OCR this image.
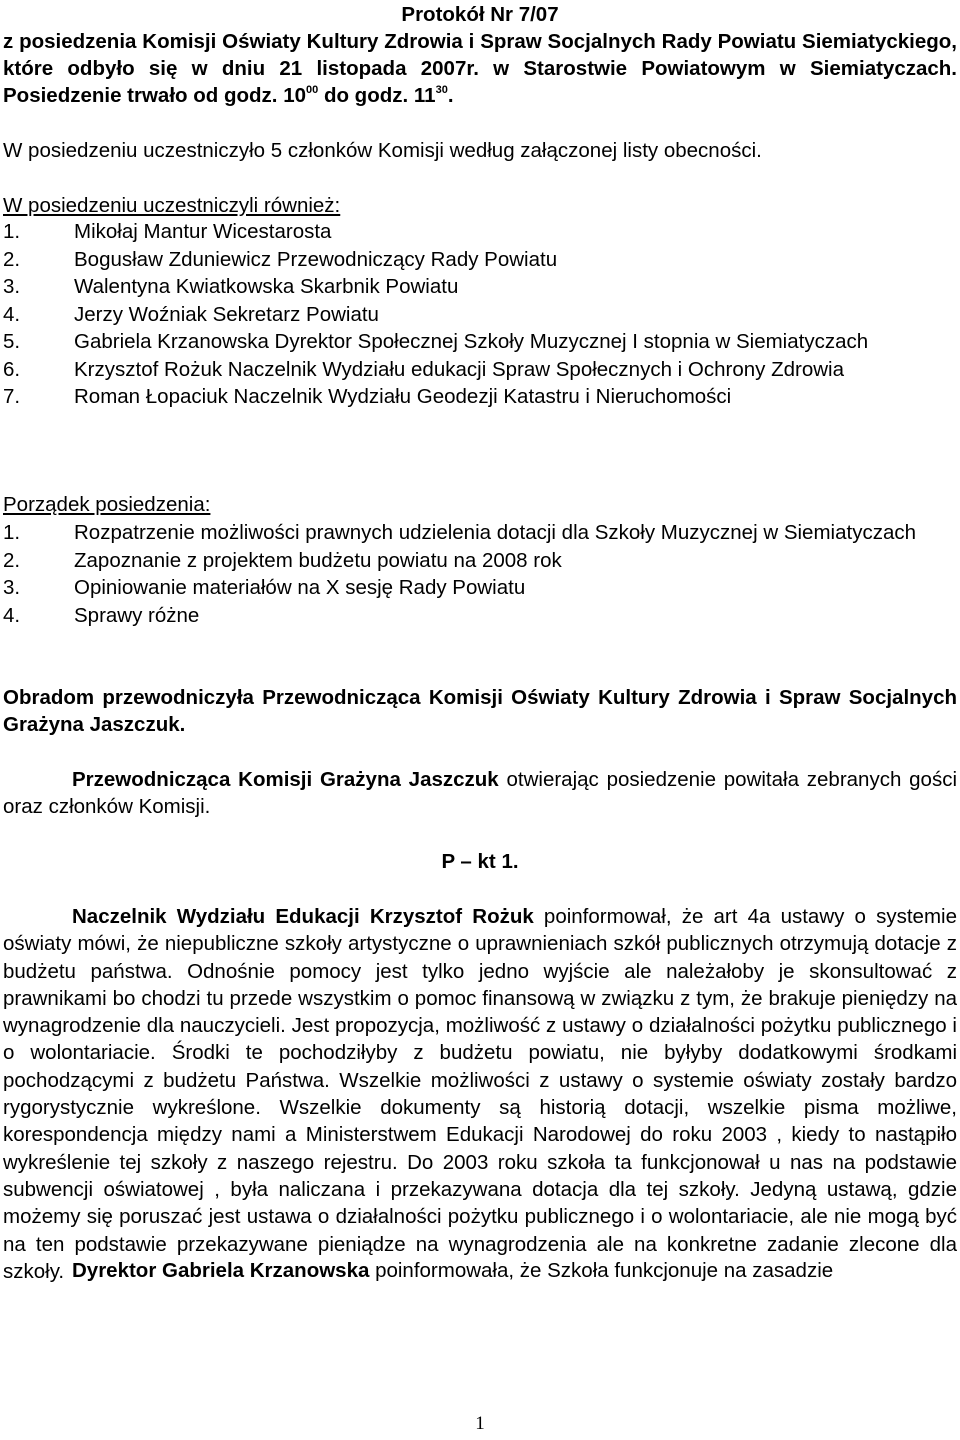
Protokół Nr 7/07
z posiedzenia Komisji Oświaty Kultury Zdrowia i Spraw Socjalnych Rady Powiatu Siemiatyckiego, które odbyło się w dniu 21 listopada 2007r. w Starostwie Powiatowym w Siemiatyczach. Posiedzenie trwało od godz. $10^{00}$ do godz. $11^{30}$.
W posiedzeniu uczestniczyło 5 członków Komisji według załączonej listy obecności.
W posiedzeniu uczestniczyli również:
1.	Mikołaj Mantur Wicestarosta
2.	Bogusław Zduniewicz Przewodniczący Rady Powiatu
3.	Walentyna Kwiatkowska Skarbnik Powiatu
4.	Jerzy Woźniak Sekretarz Powiatu
5.	Gabriela Krzanowska Dyrektor Społecznej Szkoły Muzycznej I stopnia w Siemiatyczach
6.	Krzysztof Rożuk Naczelnik Wydziału edukacji Spraw Społecznych i Ochrony Zdrowia
7.	Roman Łopaciuk Naczelnik Wydziału Geodezji Katastru i Nieruchomości
Porządek posiedzenia:
1.	Rozpatrzenie możliwości prawnych udzielenia dotacji dla Szkoły Muzycznej w Siemiatyczach
2.	Zapoznanie z projektem budżetu powiatu na 2008 rok
3.	Opiniowanie materiałów na X sesję Rady Powiatu
4.	Sprawy różne
Obradom przewodniczyła Przewodnicząca Komisji Oświaty Kultury Zdrowia i Spraw Socjalnych Grażyna Jaszczuk.
Przewodnicząca Komisji Grażyna Jaszczuk otwierając posiedzenie powitała zebranych gości oraz członków Komisji.
P – kt 1.
Naczelnik Wydziału Edukacji Krzysztof Rożuk poinformował, że art 4a ustawy o systemie oświaty mówi, że niepubliczne szkoły artystyczne o uprawnieniach szkół publicznych otrzymują dotacje z budżetu państwa. Odnośnie pomocy jest tylko jedno wyjście ale należałoby je skonsultować z prawnikami bo chodzi tu przede wszystkim o pomoc finansową w związku z tym, że brakuje pieniędzy na wynagrodzenie dla nauczycieli. Jest propozycja, możliwość z ustawy o działalności pożytku publicznego i o wolontariacie. Środki te pochodziłyby z budżetu powiatu, nie byłyby dodatkowymi środkami pochodzącymi z budżetu Państwa. Wszelkie możliwości z ustawy o systemie oświaty zostały bardzo rygorystycznie wykreślone. Wszelkie dokumenty są historią dotacji, wszelkie pisma możliwe, korespondencja między nami a Ministerstwem Edukacji Narodowej do roku 2003 , kiedy to nastąpiło wykreślenie tej szkoły z naszego rejestru. Do 2003 roku szkoła ta funkcjonował u nas na podstawie subwencji oświatowej , była naliczana i przekazywana dotacja dla tej szkoły. Jedyną ustawą, gdzie możemy się poruszać jest ustawa o działalności pożytku publicznego i o wolontariacie, ale nie mogą być na ten podstawie przekazywane pieniądze na wynagrodzenia ale na konkretne zadanie zlecone dla szkoły. Dyrektor Gabriela Krzanowska poinformowała, że Szkoła funkcjonuje na zasadzie
1
